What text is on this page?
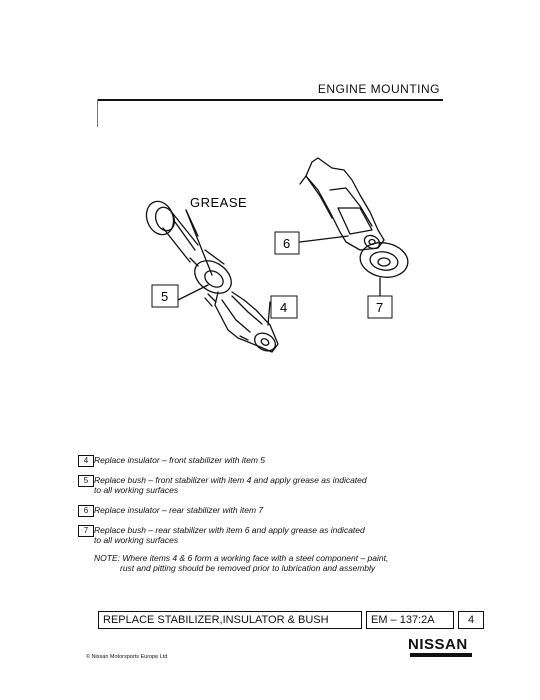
ENGINE MOUNTING
GREASE
5
4
6
7
4 Replace insulator – front stabilizer with item 5
5 Replace bush – front stabilizer with item 4 and apply grease as indicated
to all working surfaces
6 Replace insulator – rear stabilizer with item 7
7 Replace bush – rear stabilizer with item 6 and apply grease as indicated
to all working surfaces
NOTE: Where items 4 & 6 form a working face with a steel component – paint,
rust and pitting should be removed prior to lubrication and assembly
REPLACE STABILIZER,INSULATOR & BUSH	EM – 137:2A	4
NISSAN
© Nissan Motorsports Europe Ltd
